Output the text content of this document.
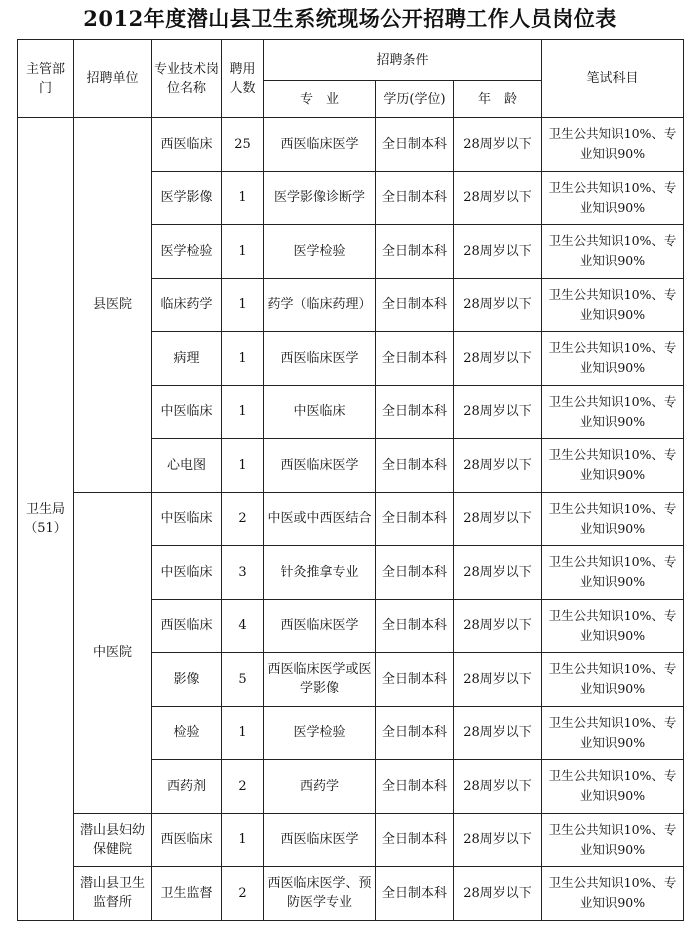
2012年度潜山县卫生系统现场公开招聘工作人员岗位表
主管部门	招聘单位	专业技术岗位名称	聘用人数	招聘条件			笔试科目
				专　业	学历(学位)	年　龄	
卫生局（51）	县医院	西医临床	25	西医临床医学	全日制本科	28周岁以下	卫生公共知识10%、专业知识90%
		医学影像	1	医学影像诊断学	全日制本科	28周岁以下	卫生公共知识10%、专业知识90%
		医学检验	1	医学检验	全日制本科	28周岁以下	卫生公共知识10%、专业知识90%
		临床药学	1	药学（临床药理）	全日制本科	28周岁以下	卫生公共知识10%、专业知识90%
		病理	1	西医临床医学	全日制本科	28周岁以下	卫生公共知识10%、专业知识90%
		中医临床	1	中医临床	全日制本科	28周岁以下	卫生公共知识10%、专业知识90%
		心电图	1	西医临床医学	全日制本科	28周岁以下	卫生公共知识10%、专业知识90%
	中医院	中医临床	2	中医或中西医结合	全日制本科	28周岁以下	卫生公共知识10%、专业知识90%
		中医临床	3	针灸推拿专业	全日制本科	28周岁以下	卫生公共知识10%、专业知识90%
		西医临床	4	西医临床医学	全日制本科	28周岁以下	卫生公共知识10%、专业知识90%
		影像	5	西医临床医学或医学影像	全日制本科	28周岁以下	卫生公共知识10%、专业知识90%
		检验	1	医学检验	全日制本科	28周岁以下	卫生公共知识10%、专业知识90%
		西药剂	2	西药学	全日制本科	28周岁以下	卫生公共知识10%、专业知识90%
	潜山县妇幼保健院	西医临床	1	西医临床医学	全日制本科	28周岁以下	卫生公共知识10%、专业知识90%
	潜山县卫生监督所	卫生监督	2	西医临床医学、预防医学专业	全日制本科	28周岁以下	卫生公共知识10%、专业知识90%
